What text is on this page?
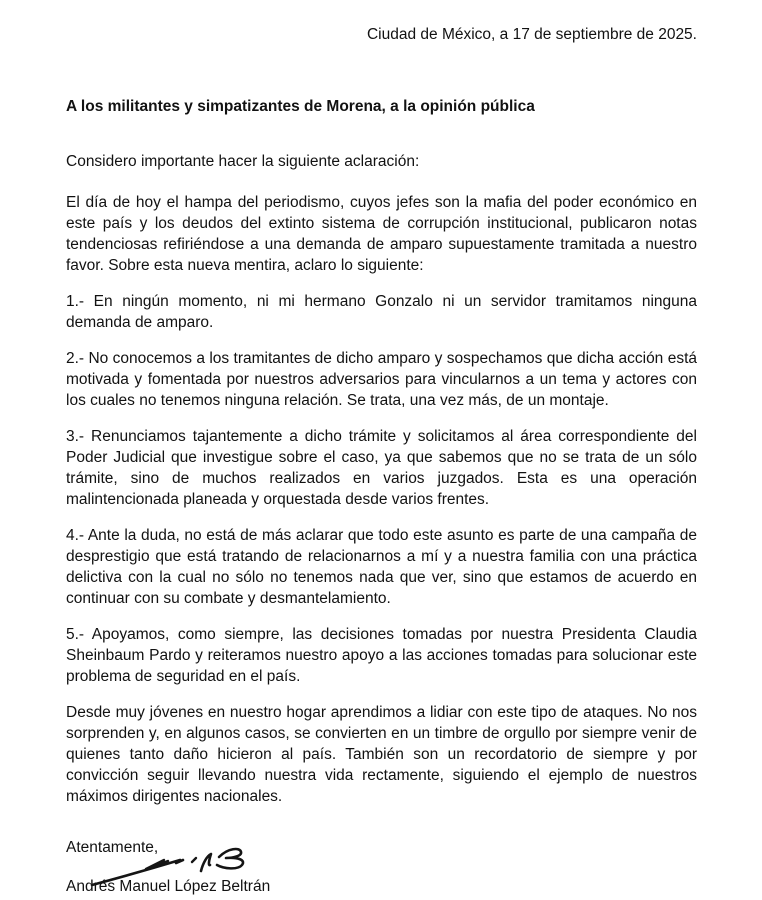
Ciudad de México, a 17 de septiembre de 2025.

A los militantes y simpatizantes de Morena, a la opinión pública

Considero importante hacer la siguiente aclaración:

El día de hoy el hampa del periodismo, cuyos jefes son la mafia del poder económico en este país y los deudos del extinto sistema de corrupción institucional, publicaron notas tendenciosas refiriéndose a una demanda de amparo supuestamente tramitada a nuestro favor. Sobre esta nueva mentira, aclaro lo siguiente:

1.- En ningún momento, ni mi hermano Gonzalo ni un servidor tramitamos ninguna demanda de amparo.

2.- No conocemos a los tramitantes de dicho amparo y sospechamos que dicha acción está motivada y fomentada por nuestros adversarios para vincularnos a un tema y actores con los cuales no tenemos ninguna relación. Se trata, una vez más, de un montaje.

3.- Renunciamos tajantemente a dicho trámite y solicitamos al área correspondiente del Poder Judicial que investigue sobre el caso, ya que sabemos que no se trata de un sólo trámite, sino de muchos realizados en varios juzgados. Esta es una operación malintencionada planeada y orquestada desde varios frentes.

4.- Ante la duda, no está de más aclarar que todo este asunto es parte de una campaña de desprestigio que está tratando de relacionarnos a mí y a nuestra familia con una práctica delictiva con la cual no sólo no tenemos nada que ver, sino que estamos de acuerdo en continuar con su combate y desmantelamiento.

5.- Apoyamos, como siempre, las decisiones tomadas por nuestra Presidenta Claudia Sheinbaum Pardo y reiteramos nuestro apoyo a las acciones tomadas para solucionar este problema de seguridad en el país.

Desde muy jóvenes en nuestro hogar aprendimos a lidiar con este tipo de ataques. No nos sorprenden y, en algunos casos, se convierten en un timbre de orgullo por siempre venir de quienes tanto daño hicieron al país. También son un recordatorio de siempre y por convicción seguir llevando nuestra vida rectamente, siguiendo el ejemplo de nuestros máximos dirigentes nacionales.

Atentamente,

Andrés Manuel López Beltrán
